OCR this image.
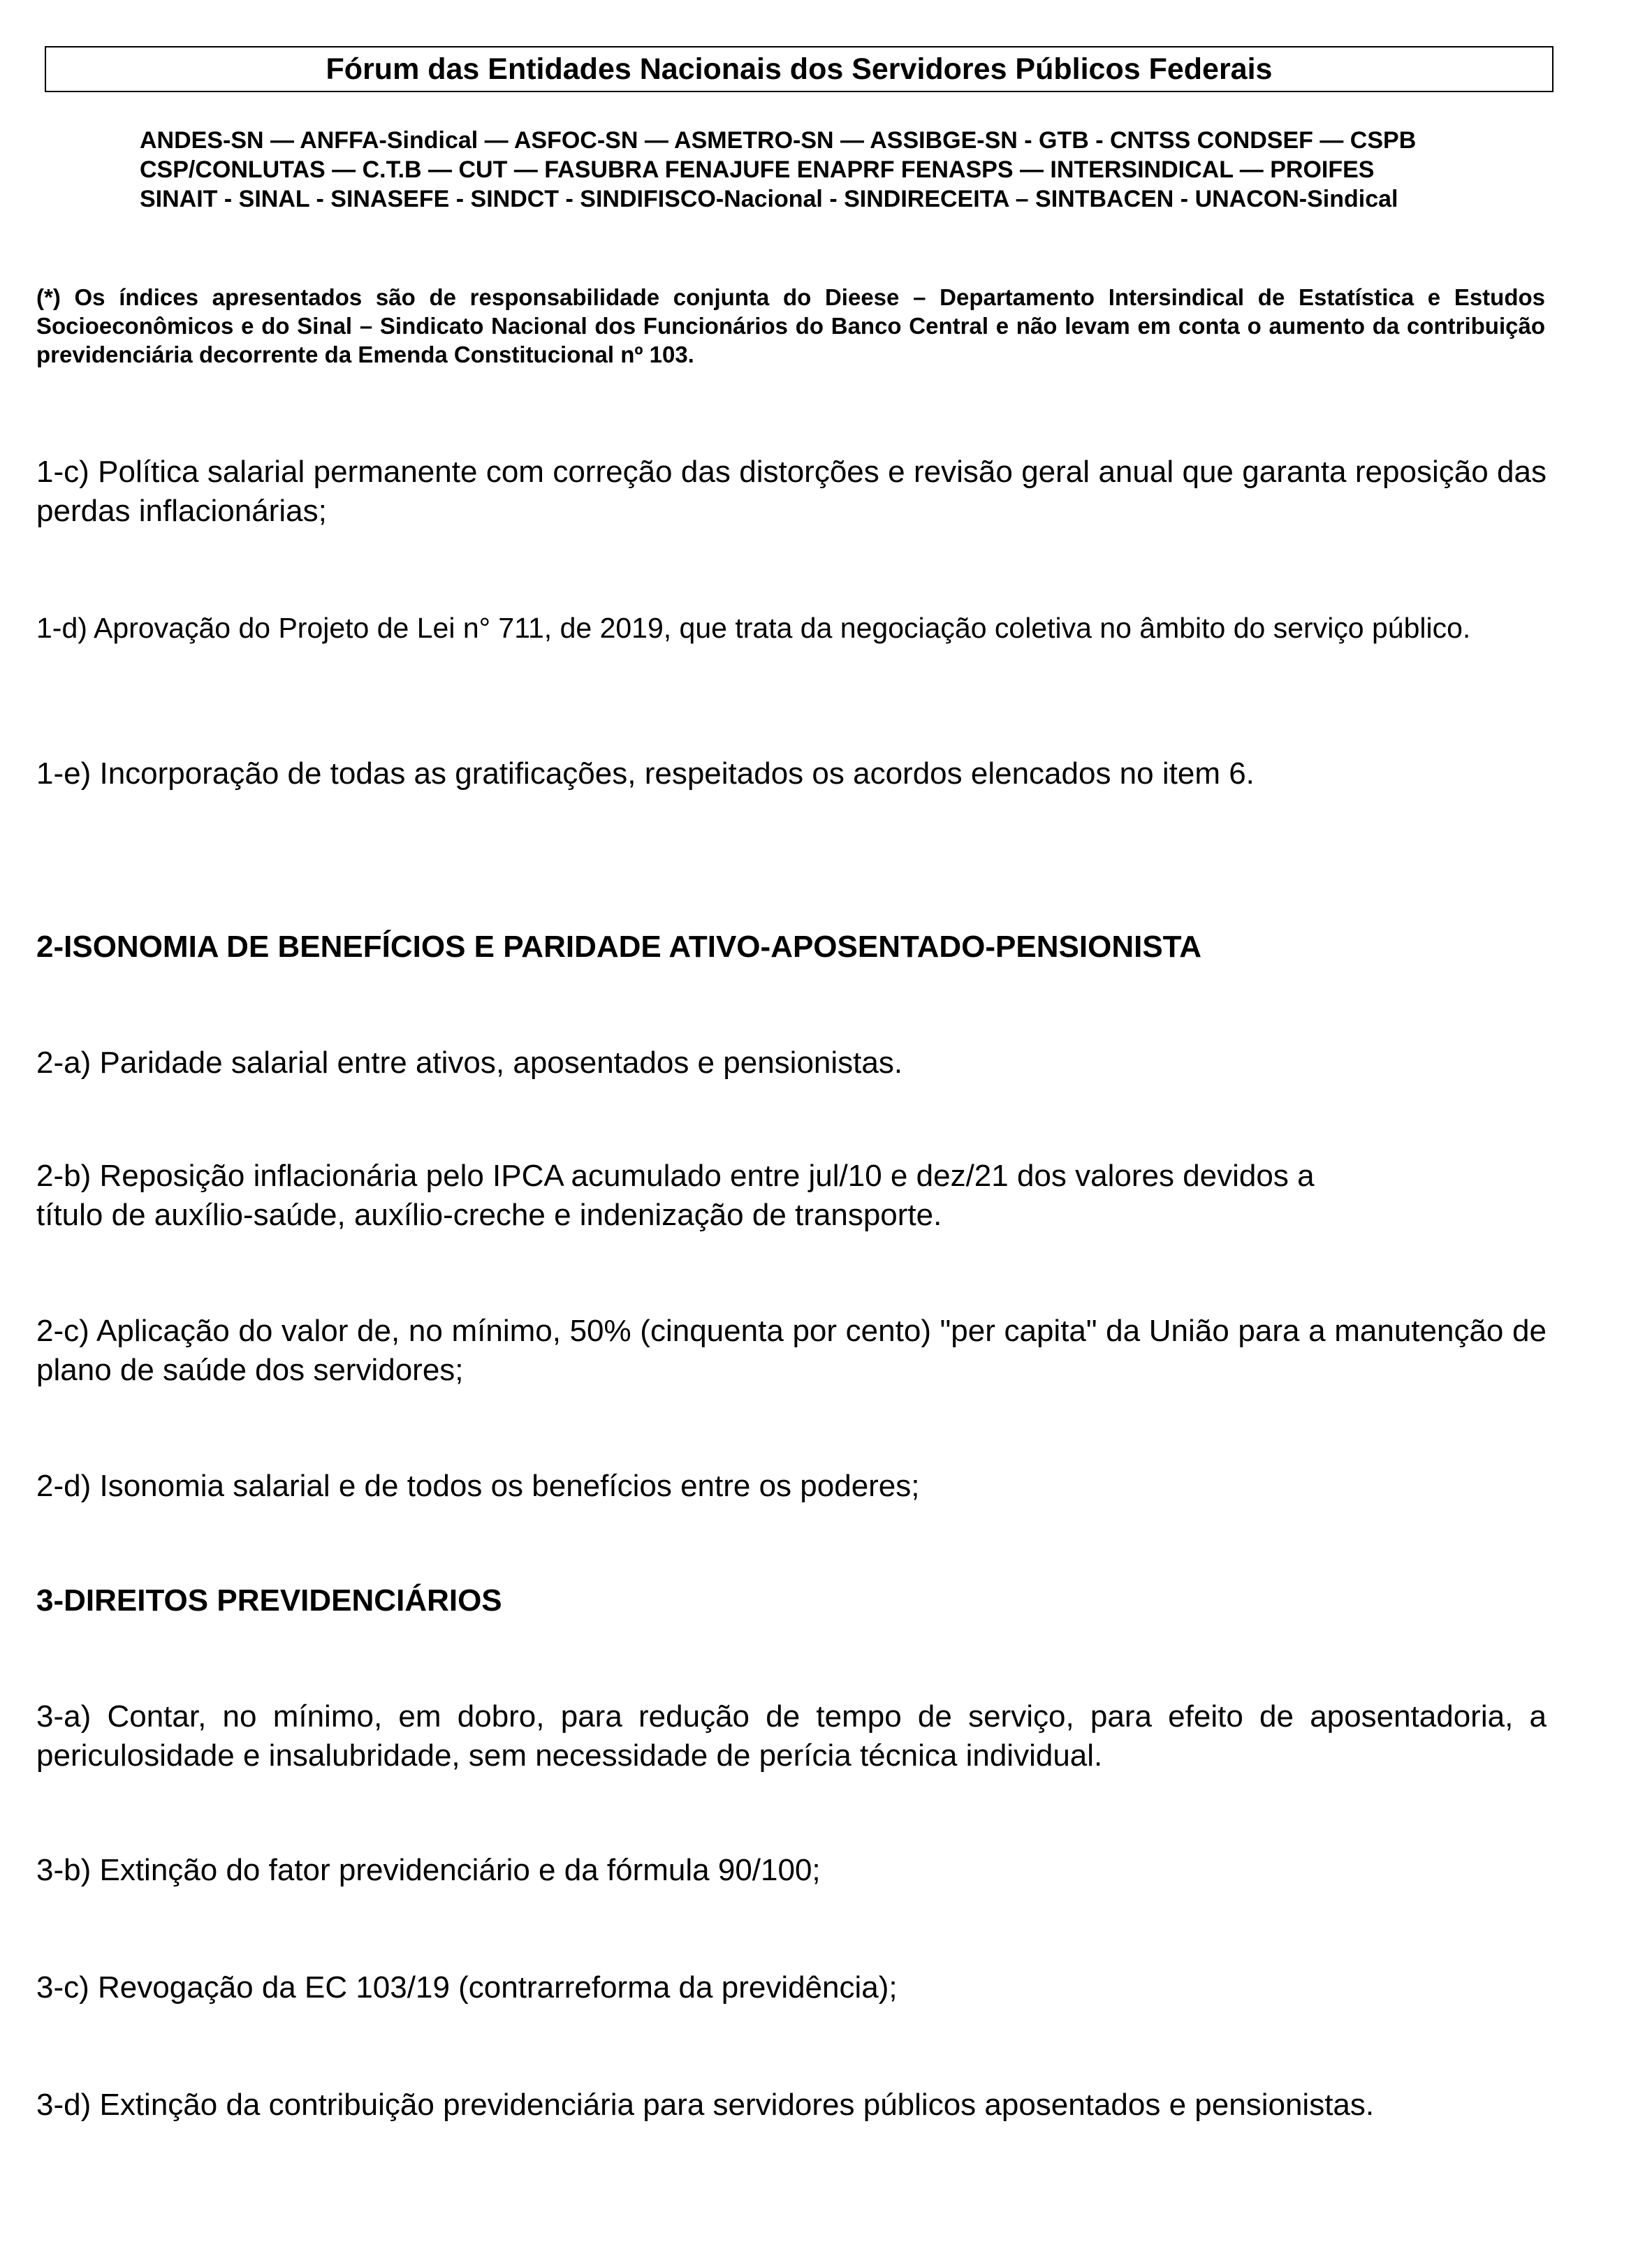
Fórum das Entidades Nacionais dos Servidores Públicos Federais
ANDES-SN — ANFFA-Sindical — ASFOC-SN — ASMETRO-SN — ASSIBGE-SN - GTB - CNTSS CONDSEF — CSPB
CSP/CONLUTAS — C.T.B — CUT — FASUBRA FENAJUFE ENAPRF FENASPS — INTERSINDICAL — PROIFES
SINAIT - SINAL - SINASEFE - SINDCT - SINDIFISCO-Nacional - SINDIRECEITA – SINTBACEN - UNACON-Sindical
(*) Os índices apresentados são de responsabilidade conjunta do Dieese – Departamento Intersindical de Estatística e Estudos Socioeconômicos e do Sinal – Sindicato Nacional dos Funcionários do Banco Central e não levam em conta o aumento da contribuição previdenciária decorrente da Emenda Constitucional nº 103.
1-c) Política salarial permanente com correção das distorções e revisão geral anual que garanta reposição das perdas inflacionárias;
1-d) Aprovação do Projeto de Lei n° 711, de 2019, que trata da negociação coletiva no âmbito do serviço público.
1-e) Incorporação de todas as gratificações, respeitados os acordos elencados no item 6.
2-ISONOMIA DE BENEFÍCIOS E PARIDADE ATIVO-APOSENTADO-PENSIONISTA
2-a) Paridade salarial entre ativos, aposentados e pensionistas.
2-b) Reposição inflacionária pelo IPCA acumulado entre jul/10 e dez/21 dos valores devidos a
título de auxílio-saúde, auxílio-creche e indenização de transporte.
2-c) Aplicação do valor de, no mínimo, 50% (cinquenta por cento) "per capita" da União para a manutenção de plano de saúde dos servidores;
2-d) Isonomia salarial e de todos os benefícios entre os poderes;
3-DIREITOS PREVIDENCIÁRIOS
3-a) Contar, no mínimo, em dobro, para redução de tempo de serviço, para efeito de aposentadoria, a periculosidade e insalubridade, sem necessidade de perícia técnica individual.
3-b) Extinção do fator previdenciário e da fórmula 90/100;
3-c) Revogação da EC 103/19 (contrarreforma da previdência);
3-d) Extinção da contribuição previdenciária para servidores públicos aposentados e pensionistas.
